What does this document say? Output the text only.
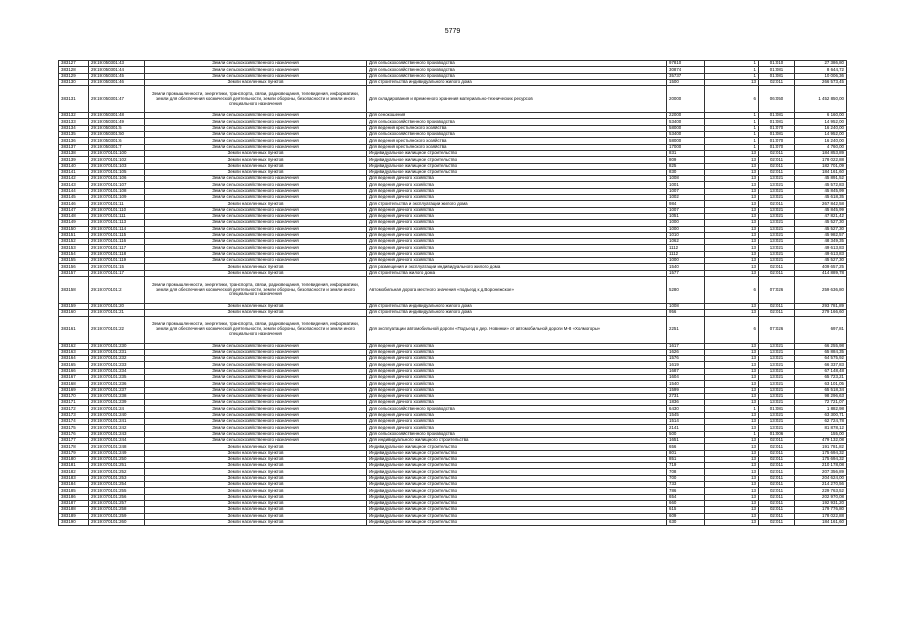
5779
383127	29:19:050301:43	Земли сельскохозяйственного назначения	Для сельскохозяйственного производства	97810	1	01:010	27 386,80
383128	29:19:050301:44	Земли сельскохозяйственного назначения	Для сельскохозяйственного производства	30874	1	01:081	8 644,72
383129	29:19:050301:45	Земли сельскохозяйственного назначения	Для сельскохозяйственного производства	35737	1	01:081	10 006,36
383130	29:19:050301:46	Земли населенных пунктов	Для строительства индивидуального жилого дома	1500	13	02:011	266 573,45
383131	29:19:050301:47	Земли промышленности, энергетики, транспорта, связи, радиовещания, телевидения, информатики, земли для обеспечения космической деятельности, земли обороны, безопасности и земли иного специального назначения	Для складирования и временного хранения материально-технических ресурсов	20000	6	06:050	1 452 850,00
383132	29:19:050301:48	Земли сельскохозяйственного назначения	Для сенокошения	22000	1	01:081	6 160,00
383133	29:19:050301:49	Земли сельскохозяйственного назначения	Для сельскохозяйственного производства	53400	1	01:081	14 952,00
383134	29:19:050301:5	Земли сельскохозяйственного назначения	Для ведения крестьянского хозяйства	58000	1	01:070	16 240,00
383135	29:19:050301:50	Земли сельскохозяйственного назначения	Для сельскохозяйственного производства	53400	1	01:081	14 952,00
383136	29:19:050301:6	Земли сельскохозяйственного назначения	Для ведения крестьянского хозяйства	58000	1	01:070	16 240,00
383137	29:19:050301:7	Земли сельскохозяйственного назначения	Для ведения крестьянского хозяйства	17000	1	01:070	4 760,00
383138	29:19:070101:100	Земли населенных пунктов	Индивидуальное жилищное строительство	831	13	02:011	184 853,89
383139	29:19:070101:102	Земли населенных пунктов	Индивидуальное жилищное строительство	809	13	02:011	178 022,88
383140	29:19:070101:103	Земли населенных пунктов	Индивидуальное жилищное строительство	825	13	02:011	182 701,09
383141	29:19:070101:105	Земли населенных пунктов	Индивидуальное жилищное строительство	830	13	02:011	184 161,60
383142	29:19:070101:106	Земли сельскохозяйственного назначения	Для ведения дачного хозяйства	1008	13	13:021	45 891,52
383143	29:19:070101:107	Земли сельскохозяйственного назначения	Для ведения дачного хозяйства	1001	13	13:021	45 572,83
383144	29:19:070101:108	Земли сельскохозяйственного назначения	Для ведения дачного хозяйства	1007	13	13:021	45 845,99
383145	29:19:070101:109	Земли сельскохозяйственного назначения	Для ведения дачного хозяйства	1002	13	13:021	45 618,35
383146	29:19:070101:11	Земли населенных пунктов	Для строительства и эксплуатации жилого дома	984	13	02:011	267 842,58
383147	29:19:070101:110	Земли сельскохозяйственного назначения	Для ведения дачного хозяйства	1007	13	13:021	45 845,99
383148	29:19:070101:111	Земли сельскохозяйственного назначения	Для ведения дачного хозяйства	1051	13	13:021	47 821,42
383149	29:19:070101:113	Земли сельскохозяйственного назначения	Для ведения дачного хозяйства	1000	13	13:021	45 527,30
383150	29:19:070101:114	Земли сельскохозяйственного назначения	Для ведения дачного хозяйства	1000	13	13:021	45 527,30
383151	29:19:070101:115	Земли сельскохозяйственного назначения	Для ведения дачного хозяйства	1010	13	13:021	45 982,57
383152	29:19:070101:116	Земли сельскохозяйственного назначения	Для ведения дачного хозяйства	1062	13	13:021	48 349,35
383153	29:19:070101:117	Земли сельскохозяйственного назначения	Для ведения дачного хозяйства	1112	13	13:021	49 613,83
383154	29:19:070101:118	Земли сельскохозяйственного назначения	Для ведения дачного хозяйства	1112	13	13:021	49 613,83
383155	29:19:070101:119	Земли сельскохозяйственного назначения	Для ведения дачного хозяйства	1000	13	13:021	45 527,30
383156	29:19:070101:15	Земли населенных пунктов	Для размещения и эксплуатации индивидуального жилого дома	1540	13	02:011	409 657,25
383157	29:19:070101:17	Земли населенных пунктов	Для строительства жилого дома	1577	13	02:011	414 889,78
383158	29:19:070101:2	Земли промышленности, энергетики, транспорта, связи, радиовещания, телевидения, информатики, земли для обеспечения космической деятельности, земли обороны, безопасности и земли иного специального назначения	Автомобильная дорога местного значения «подъезд к д.Воронежское»	5280	6	07:026	259 636,80
383159	29:19:070101:20	Земли населенных пунктов	Для строительства индивидуального жилого дома	1008	13	02:011	293 781,89
383160	29:19:070101:21	Земли населенных пунктов	Для строительства индивидуального жилого дома	956	13	02:011	279 166,60
383161	29:19:070101:22	Земли промышленности, энергетики, транспорта, связи, радиовещания, телевидения, информатики, земли для обеспечения космической деятельности, земли обороны, безопасности и земли иного специального назначения	Для эксплуатации автомобильной дороги «Подъезд к дер. Новинки» от автомобильной дороги М-8 «Холмогоры»	2251	6	07:026	697,81
383162	29:19:070101:230	Земли сельскохозяйственного назначения	Для ведения дачного хозяйства	1617	13	13:021	66 255,98
383163	29:19:070101:231	Земли сельскохозяйственного назначения	Для ведения дачного хозяйства	1626	13	13:021	65 884,35
383164	29:19:070101:232	Земли сельскохозяйственного назначения	Для ведения дачного хозяйства	1576	13	13:021	64 575,92
383165	29:19:070101:233	Земли сельскохозяйственного назначения	Для ведения дачного хозяйства	1619	13	13:021	66 337,83
383166	29:19:070101:234	Земли сельскохозяйственного назначения	Для ведения дачного хозяйства	1687	13	13:021	67 148,48
383167	29:19:070101:235	Земли сельскохозяйственного назначения	Для ведения дачного хозяйства	1604	13	13:021	65 723,21
383168	29:19:070101:236	Земли сельскохозяйственного назначения	Для ведения дачного хозяйства	1540	13	13:021	63 101,05
383169	29:19:070101:237	Земли сельскохозяйственного назначения	Для ведения дачного хозяйства	1599	13	13:021	65 518,34
383170	29:19:070101:238	Земли сельскохозяйственного назначения	Для ведения дачного хозяйства	2731	13	13:021	98 296,63
383171	29:19:070101:239	Земли сельскохозяйственного назначения	Для ведения дачного хозяйства	1836	13	13:021	72 721,07
383172	29:19:070101:24	Земли сельскохозяйственного назначения	Для сельскохозяйственного производства	6430	1	01:081	1 882,98
383173	29:19:070101:240	Земли сельскохозяйственного назначения	Для ведения дачного хозяйства	1545	13	13:021	63 300,71
383174	29:19:070101:241	Земли сельскохозяйственного назначения	Для ведения дачного хозяйства	1514	13	13:021	62 724,78
383175	29:19:070101:242	Земли сельскохозяйственного назначения	Для ведения дачного хозяйства	2141	13	13:021	81 878,12
383176	29:19:070101:243	Земли сельскохозяйственного назначения	Для сельскохозяйственного производства	500	1	01:006	155,00
383177	29:19:070101:244	Земли сельскохозяйственного назначения	Для индивидуального жилищного строительства	1651	13	02:011	479 132,08
383178	29:19:070101:248	Земли населенных пунктов	Индивидуальное жилищное строительство	656	13	02:011	191 781,82
383179	29:19:070101:249	Земли населенных пунктов	Индивидуальное жилищное строительство	801	13	02:011	175 694,32
383180	29:19:070101:250	Земли населенных пунктов	Индивидуальное жилищное строительство	851	13	02:011	175 694,32
383181	29:19:070101:251	Земли населенных пунктов	Индивидуальное жилищное строительство	719	13	02:011	210 178,08
383182	29:19:070101:252	Земли населенных пунктов	Индивидуальное жилищное строительство	708	13	02:011	207 356,89
383183	29:19:070101:253	Земли населенных пунктов	Индивидуальное жилищное строительство	700	13	02:011	204 624,00
383184	29:19:070101:254	Земли населенных пунктов	Индивидуальное жилищное строительство	733	13	02:011	214 270,56
383185	29:19:070101:255	Земли населенных пунктов	Индивидуальное жилищное строительство	786	13	02:011	229 763,52
383186	29:19:070101:256	Земли населенных пунктов	Индивидуальное жилищное строительство	654	13	02:011	202 970,08
383187	29:19:070101:257	Земли населенных пунктов	Индивидуальное жилищное строительство	660	13	02:011	192 931,20
383188	29:19:070101:258	Земли населенных пунктов	Индивидуальное жилищное строительство	615	13	02:011	179 776,80
383189	29:19:070101:259	Земли населенных пунктов	Индивидуальное жилищное строительство	609	13	02:011	178 022,88
383190	29:19:070101:260	Земли населенных пунктов	Индивидуальное жилищное строительство	630	13	02:011	184 161,60
